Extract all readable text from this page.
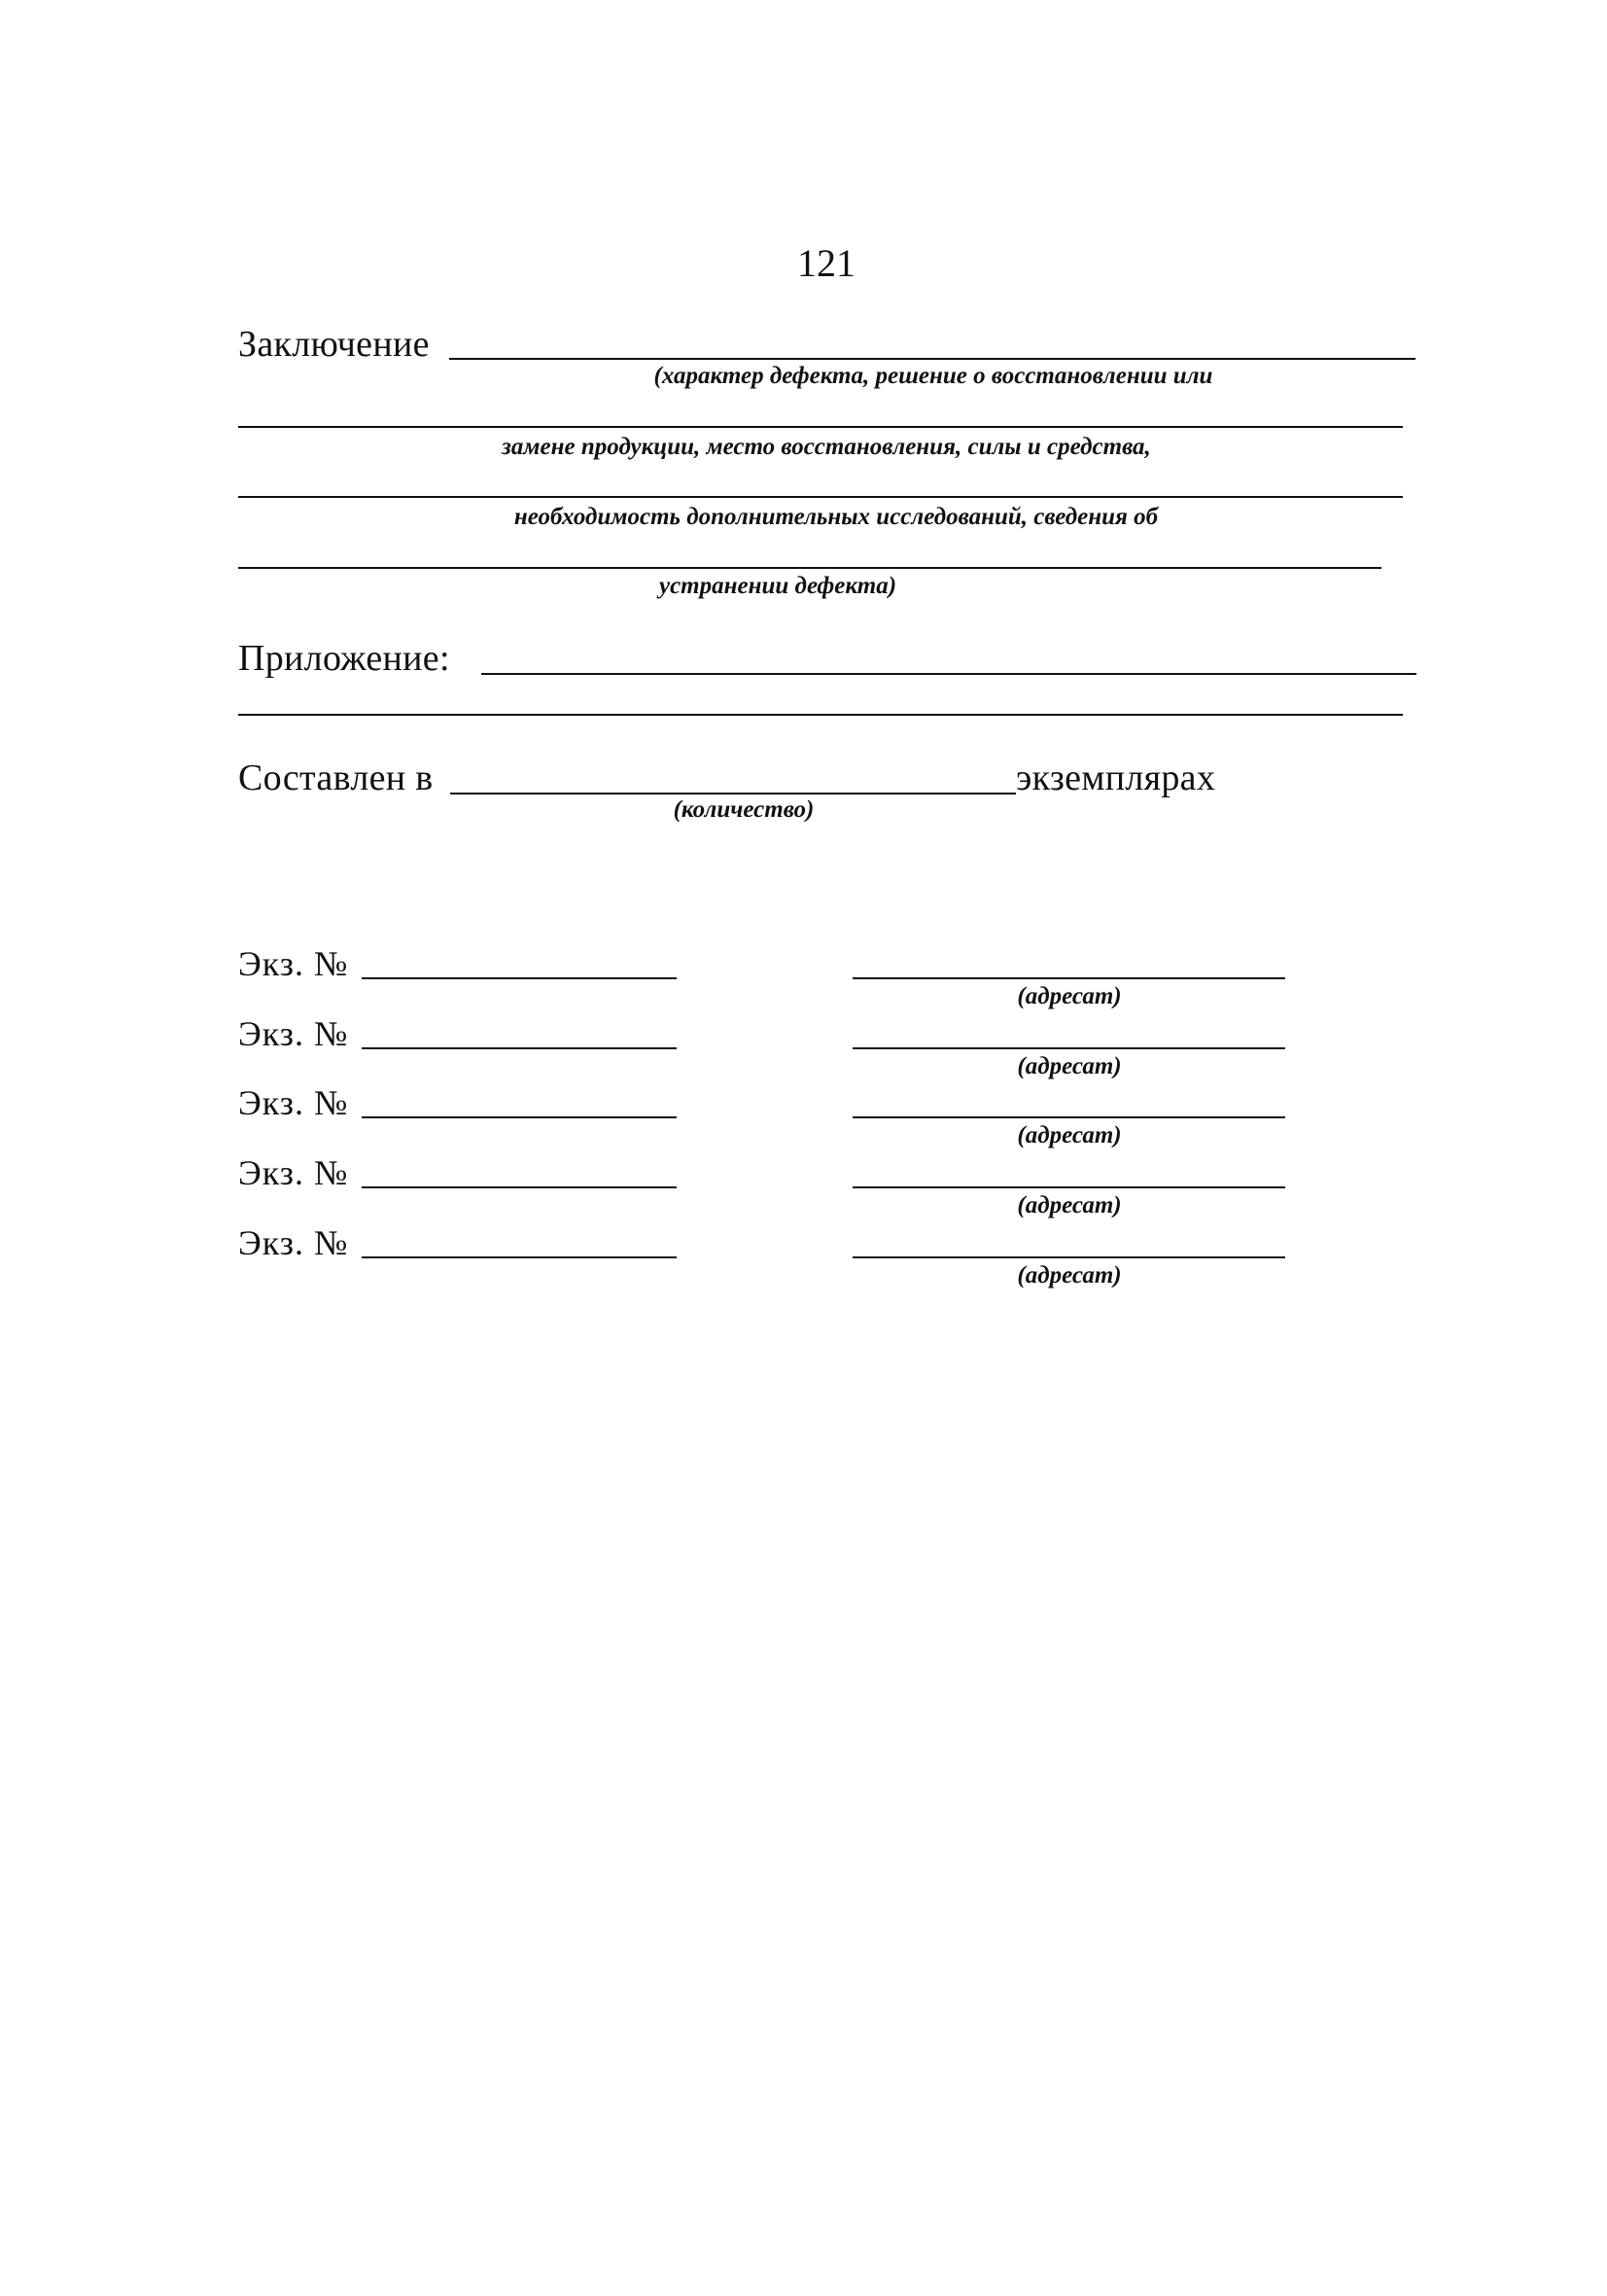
121
Заключение
(характер дефекта, решение о восстановлении или
замене продукции, место восстановления, силы и средства,
необходимость дополнительных исследований, сведения об
устранении дефекта)
Приложение:
Составлен в	экземплярах
(количество)
Экз. №
(адресат)
Экз. №
(адресат)
Экз. №
(адресат)
Экз. №
(адресат)
Экз. №
(адресат)
